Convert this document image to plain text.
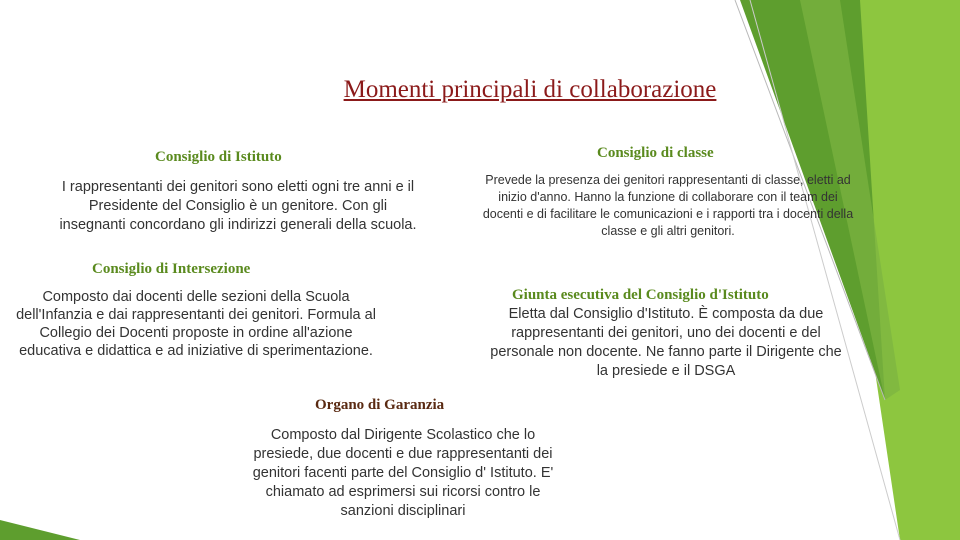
Momenti principali di collaborazione
Consiglio di Istituto
I rappresentanti dei genitori sono eletti ogni tre anni e il Presidente del Consiglio è un genitore. Con gli insegnanti concordano gli indirizzi generali della scuola.
Consiglio di classe
Prevede la presenza dei genitori rappresentanti di classe, eletti ad inizio d'anno. Hanno la funzione di collaborare con il team dei docenti e di facilitare le comunicazioni e i rapporti tra i docenti della classe e gli altri genitori.
Consiglio di Intersezione
Composto dai docenti delle sezioni della Scuola dell'Infanzia e dai rappresentanti dei genitori. Formula al Collegio dei Docenti proposte in ordine all'azione educativa e didattica e ad iniziative di sperimentazione.
Giunta esecutiva del Consiglio d'Istituto
Eletta dal Consiglio d'Istituto. È composta da due rappresentanti dei genitori, uno dei docenti e del personale non docente. Ne fanno parte il Dirigente che la presiede e il DSGA
Organo di Garanzia
Composto dal Dirigente Scolastico che lo presiede, due docenti e due rappresentanti dei genitori facenti parte del Consiglio d' Istituto. E' chiamato ad esprimersi sui ricorsi contro le sanzioni disciplinari
